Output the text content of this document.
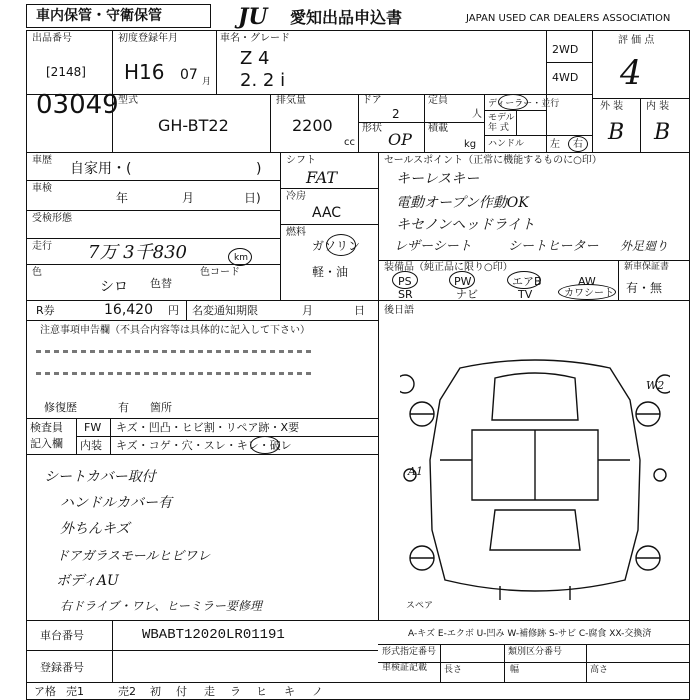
車内保管・守衛保管	JU 愛知出品申込書	JAPAN USED CAR DEALERS ASSOCIATION
出品番号
[2148]
03049
初度登録年月
H16 07 月
車名・グレード
Z 4
2. 2 i
2WD
4WD
評 価 点
4
外 装 内 装
B B
型式
GH-BT22
排気量
2200
cc
ドア
2
形状
OP
定員
人
積載
kg
ディーラー・並行
モデル
年 式
ハンドル	左 右
車歴
自家用・(	)
車検
年	月	日)
受検形態
走行 7万 3千830	km
色
シロ 色替
色コード
シフト
FAT
冷房
AAC
燃料
ガソリン
軽・油
セールスポイント（正常に機能するものに○印）
キーレスキー
電動オープン作動OK
キセノンヘッドライト
レザーシート	シートヒーター 外足廻り
装備品（純正品に限り○印）
PS	PW	エアB	AW
SR	ナビ	TV	カワシート
新車保証書
有・無
R券	16,420 円 名変通知期限	月	日
注意事項申告欄（不具合内容等は具体的に記入して下さい）
後日語
修復歴	有 箇所
検査員
記入欄
FW キズ・凹凸・ヒビ割・リペア跡・X要
内装 キズ・コゲ・穴・スレ・キレ・破レ
シートカバー取付
ハンドルカバー有
外ちんキズ
ドアガラスモールヒビワレ
ボディAU
右ドライブ・ワレ、ヒーミラー要修理
W2
A1
スペア
車台番号	WBABT12020LR01191
登録番号
A-キズ E-エクボ U-凹み W-補修跡 S-サビ C-腐食 XX-交換済
形式指定番号	類別区分番号
車検証記載 長さ	幅	高さ
ア格 売1	売2 初 付 走 ラ ヒ キ ノ
